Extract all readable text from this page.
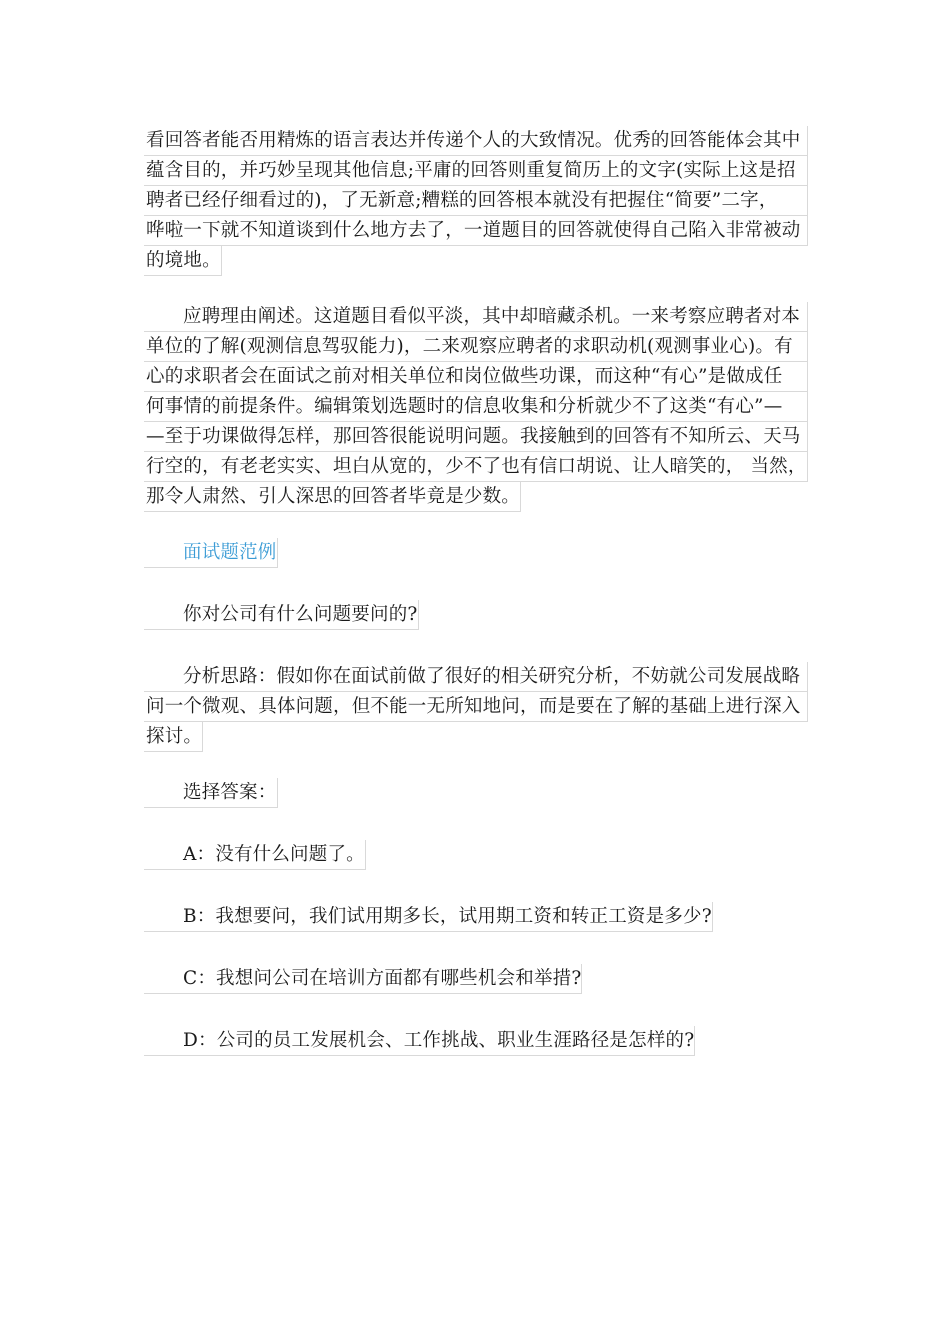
看回答者能否用精炼的语言表达并传递个人的大致情况。优秀的回答能体会其中
蕴含目的，并巧妙呈现其他信息;平庸的回答则重复简历上的文字(实际上这是招
聘者已经仔细看过的)，了无新意;糟糕的回答根本就没有把握住“简要”二字，
哗啦一下就不知道谈到什么地方去了，一道题目的回答就使得自己陷入非常被动
的境地。
应聘理由阐述。这道题目看似平淡，其中却暗藏杀机。一来考察应聘者对本
单位的了解(观测信息驾驭能力)，二来观察应聘者的求职动机(观测事业心)。有
心的求职者会在面试之前对相关单位和岗位做些功课，而这种“有心”是做成任
何事情的前提条件。编辑策划选题时的信息收集和分析就少不了这类“有心”—
—至于功课做得怎样，那回答很能说明问题。我接触到的回答有不知所云、天马
行空的，有老老实实、坦白从宽的，少不了也有信口胡说、让人暗笑的， 当然，
那令人肃然、引人深思的回答者毕竟是少数。
面试题范例
你对公司有什么问题要问的?
分析思路：假如你在面试前做了很好的相关研究分析，不妨就公司发展战略
问一个微观、具体问题，但不能一无所知地问，而是要在了解的基础上进行深入
探讨。
选择答案：
A：没有什么问题了。
B：我想要问，我们试用期多长，试用期工资和转正工资是多少?
C：我想问公司在培训方面都有哪些机会和举措?
D：公司的员工发展机会、工作挑战、职业生涯路径是怎样的?
